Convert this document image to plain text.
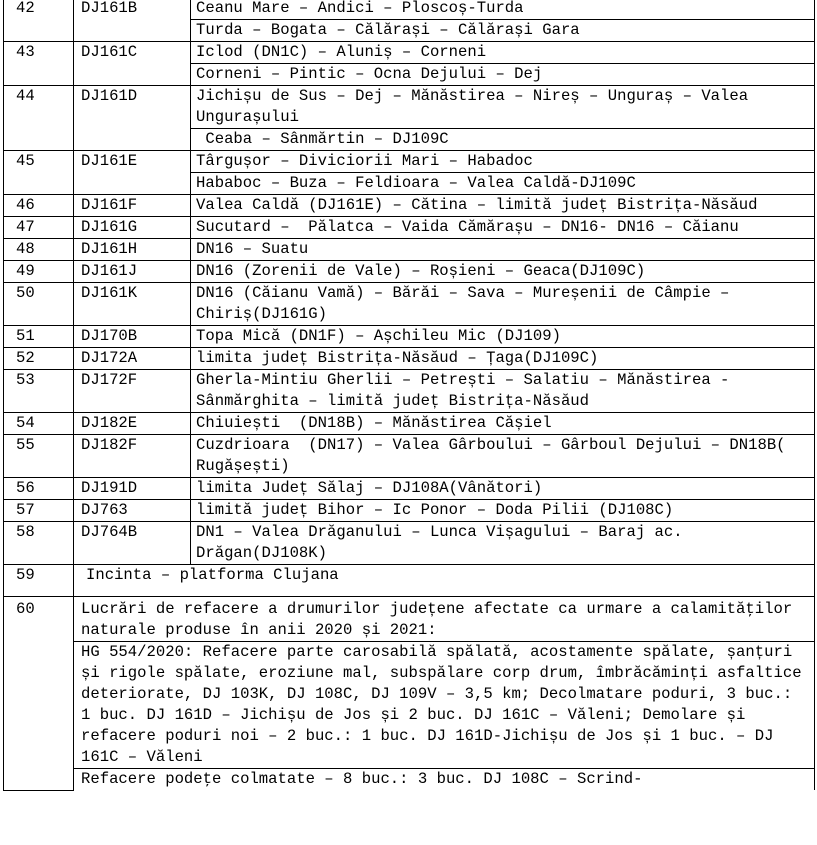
42	DJ161B	Ceanu Mare – Andici – Ploscoș-Turda
		Turda – Bogata – Călărași – Călărași Gara
43	DJ161C	Iclod (DN1C) – Aluniș – Corneni
		Corneni – Pintic – Ocna Dejului – Dej
44	DJ161D	Jichișu de Sus – Dej – Mănăstirea – Nireș – Unguraș – Valea Ungurașului
		Ceaba – Sânmărtin – DJ109C
45	DJ161E	Târgușor – Diviciorii Mari – Habadoc
		Hababoc – Buza – Feldioara – Valea Caldă-DJ109C
46	DJ161F	Valea Caldă (DJ161E) – Cătina – limită județ Bistrița-Năsăud
47	DJ161G	Sucutard –  Pălatca – Vaida Cămărașu – DN16- DN16 – Căianu
48	DJ161H	DN16 – Suatu
49	DJ161J	DN16 (Zorenii de Vale) – Roșieni – Geaca(DJ109C)
50	DJ161K	DN16 (Căianu Vamă) – Bărăi – Sava – Mureșenii de Câmpie – Chiriș(DJ161G)
51	DJ170B	Topa Mică (DN1F) – Așchileu Mic (DJ109)
52	DJ172A	limita județ Bistrița-Năsăud – Țaga(DJ109C)
53	DJ172F	Gherla-Mintiu Gherlii – Petrești – Salatiu – Mănăstirea -Sânmărghita – limită județ Bistrița-Năsăud
54	DJ182E	Chiuiești  (DN18B) – Mănăstirea Cășiel
55	DJ182F	Cuzdrioara  (DN17) – Valea Gârboului – Gârboul Dejului – DN18B(  Rugășești)
56	DJ191D	limita Județ Sălaj – DJ108A(Vânători)
57	DJ763	limită județ Bihor – Ic Ponor – Doda Pilii (DJ108C)
58	DJ764B	DN1 – Valea Drăganului – Lunca Vișagului – Baraj ac. Drăgan(DJ108K)
59	Incinta – platforma Clujana	
60	Lucrări de refacere a drumurilor județene afectate ca urmare a calamităţilor naturale produse în anii 2020 și 2021:	
	HG 554/2020: Refacere parte carosabilă spălată, acostamente spălate, șanțuri și rigole spălate, eroziune mal, subspălare corp drum, îmbrăcăminți asfaltice deteriorate, DJ 103K, DJ 108C, DJ 109V – 3,5 km; Decolmatare poduri, 3 buc.: 1 buc. DJ 161D – Jichișu de Jos și 2 buc. DJ 161C – Văleni; Demolare și refacere poduri noi – 2 buc.: 1 buc. DJ 161D-Jichișu de Jos și 1 buc. – DJ 161C – Văleni	
	Refacere podeţe colmatate – 8 buc.: 3 buc. DJ 108C – Scrind-	
